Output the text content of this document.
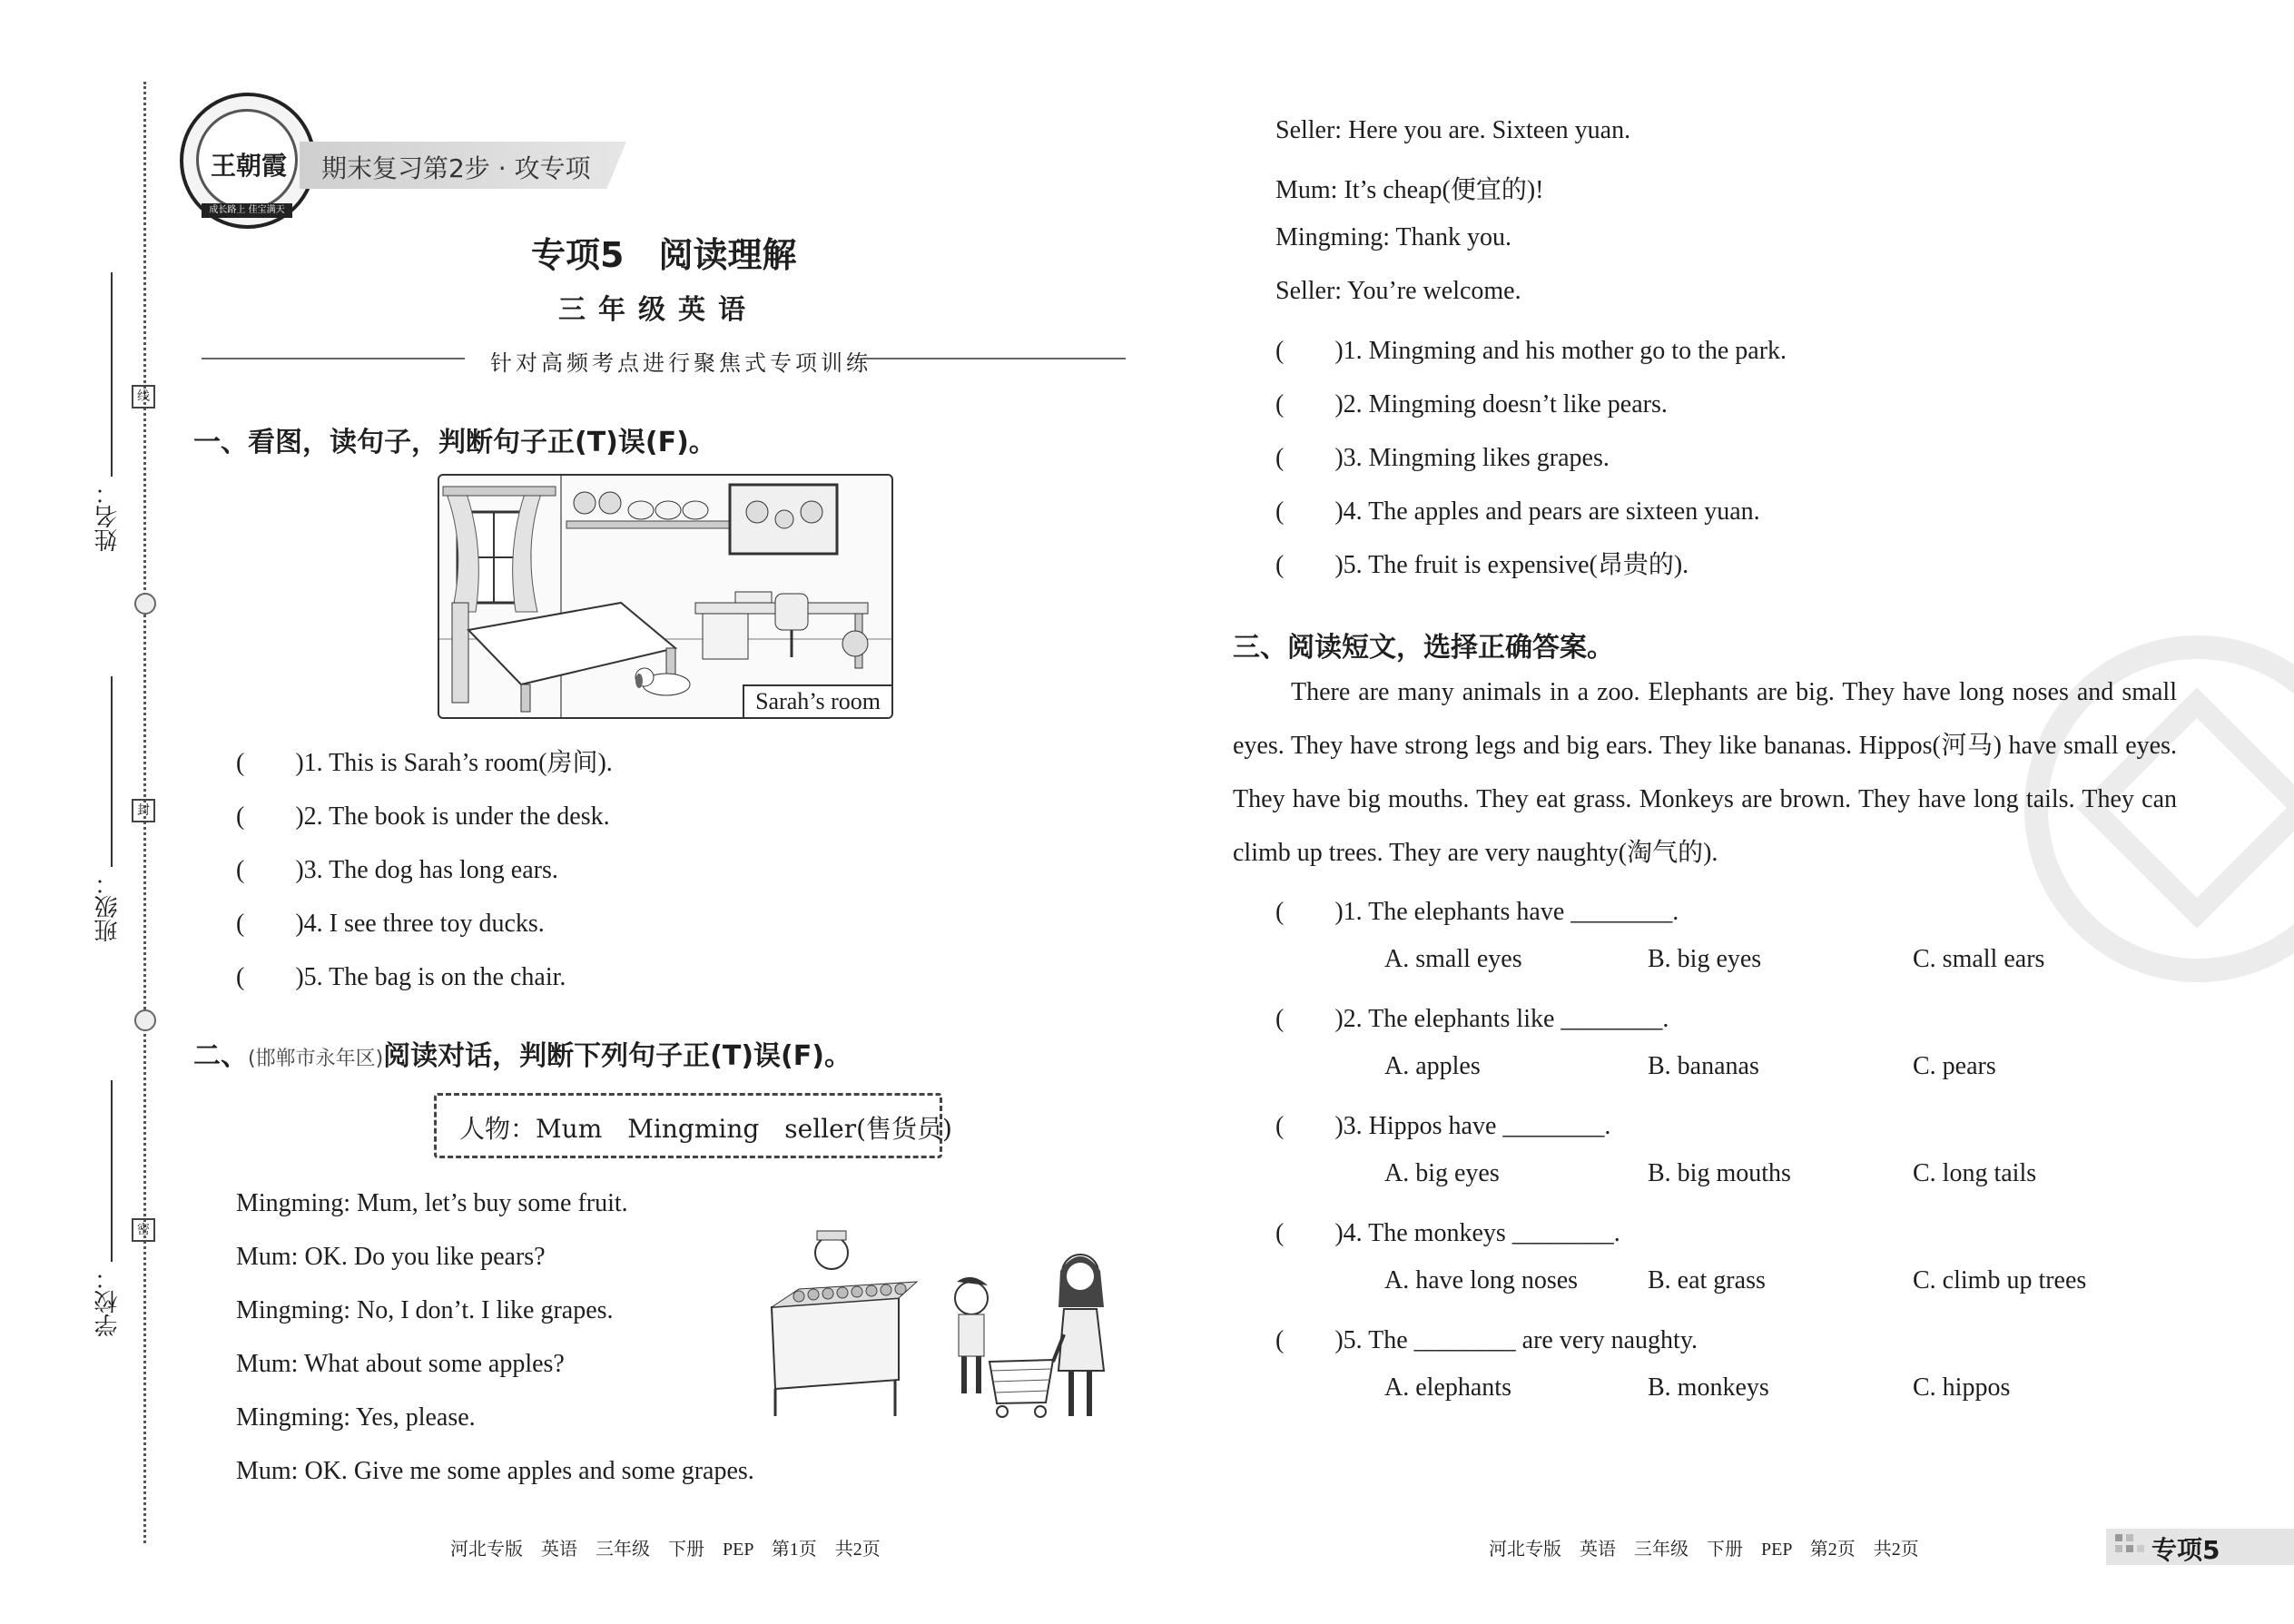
姓名：
班级：
学校：
线
封
密
王朝霞
成长路上 佳宝满天
期末复习第2步 · 攻专项
专项5　阅读理解
三年级英语
针对高频考点进行聚焦式专项训练
一、看图，读句子，判断句子正(T)误(F)。
Sarah’s room
(　　)1. This is Sarah’s room(房间).
(　　)2. The book is under the desk.
(　　)3. The dog has long ears.
(　　)4. I see three toy ducks.
(　　)5. The bag is on the chair.
二、(邯郸市永年区)阅读对话，判断下列句子正(T)误(F)。
人物：Mum　Mingming　seller(售货员)
Mingming: Mum, let’s buy some fruit.
Mum: OK. Do you like pears?
Mingming: No, I don’t. I like grapes.
Mum: What about some apples?
Mingming: Yes, please.
Mum: OK. Give me some apples and some grapes.
Seller: Here you are. Sixteen yuan.
Mum: It’s cheap(便宜的)!
Mingming: Thank you.
Seller: You’re welcome.
(　　)1. Mingming and his mother go to the park.
(　　)2. Mingming doesn’t like pears.
(　　)3. Mingming likes grapes.
(　　)4. The apples and pears are sixteen yuan.
(　　)5. The fruit is expensive(昂贵的).
三、阅读短文，选择正确答案。
There are many animals in a zoo. Elephants are big. They have long noses and small eyes. They have strong legs and big ears. They like bananas. Hippos(河马) have small eyes. They have big mouths. They eat grass. Monkeys are brown. They have long tails. They can climb up trees. They are very naughty(淘气的).
(　　)1. The elephants have ________.
A. small eyes	B. big eyes	C. small ears
(　　)2. The elephants like ________.
A. apples	B. bananas	C. pears
(　　)3. Hippos have ________.
A. big eyes	B. big mouths	C. long tails
(　　)4. The monkeys ________.
A. have long noses	B. eat grass	C. climb up trees
(　　)5. The ________ are very naughty.
A. elephants	B. monkeys	C. hippos
河北专版　英语　三年级　下册　PEP　第1页　共2页	河北专版　英语　三年级　下册　PEP　第2页　共2页	专项5
